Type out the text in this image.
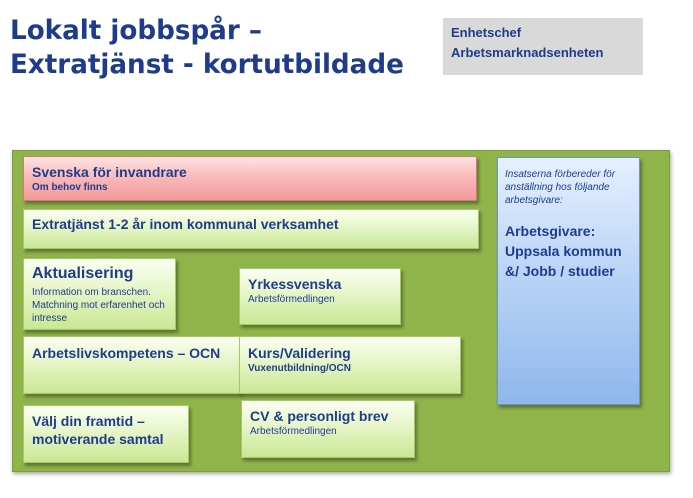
Lokalt jobbspår –
Extratjänst - kortutbildade
Enhetschef
Arbetsmarknadsenheten
Svenska för invandrare
Om behov finns
Extratjänst 1-2 år inom kommunal verksamhet
Aktualisering
Information om branschen. Matchning mot erfarenhet och intresse
Yrkessvenska
Arbetsförmedlingen
Arbetslivskompetens – OCN	Kurs/Validering
Vuxenutbildning/OCN
Välj din framtid – motiverande samtal
CV & personligt brev
Arbetsförmedlingen
Insatserna förbereder för anställning hos följande arbetsgivare:
Arbetsgivare:
Uppsala kommun
&/ Jobb / studier
